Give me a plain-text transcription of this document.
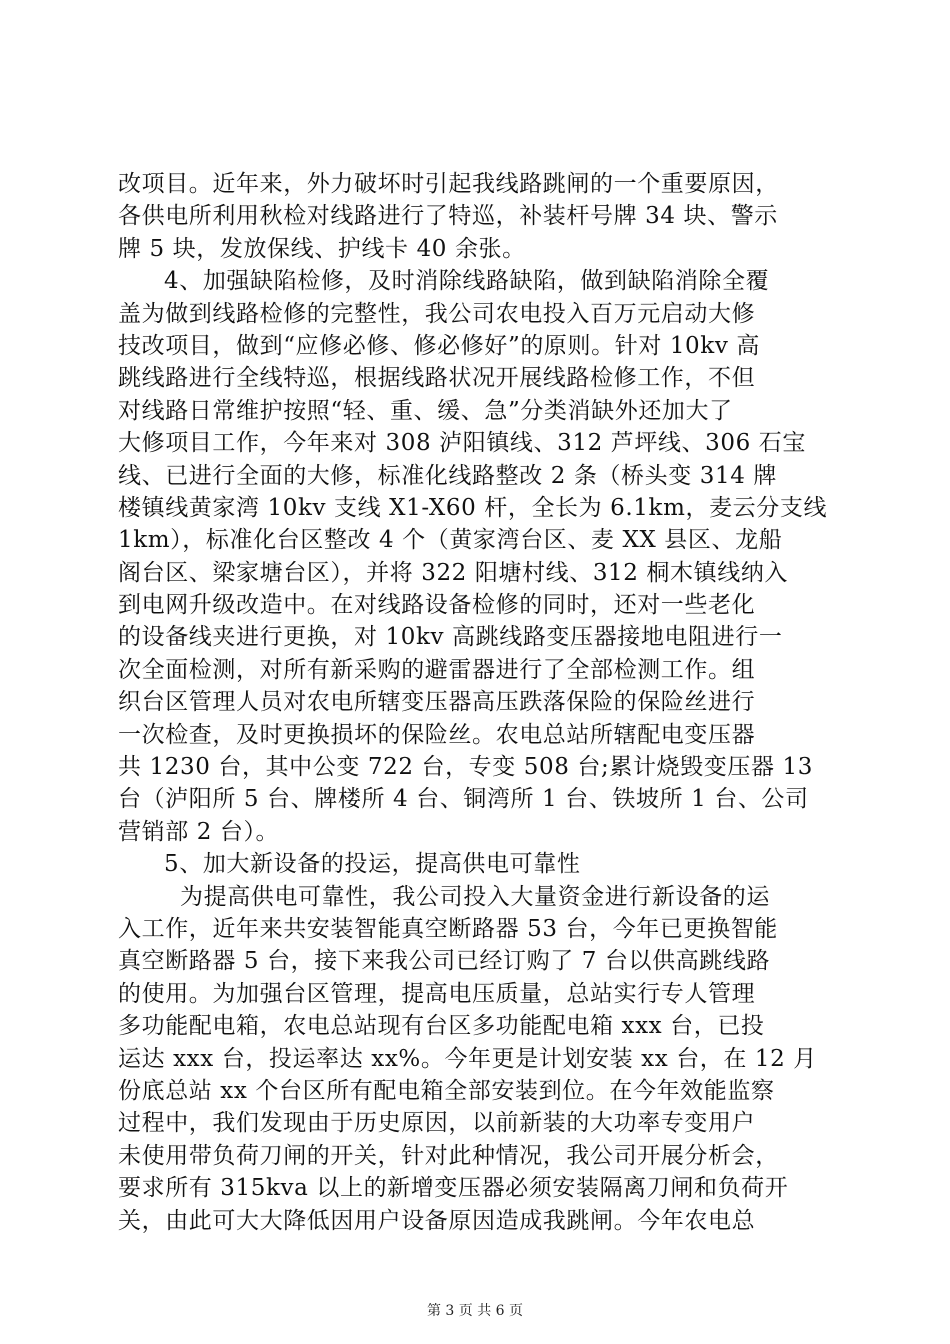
改项目。近年来，外力破坏时引起我线路跳闸的一个重要原因，
各供电所利用秋检对线路进行了特巡，补装杆号牌 34 块、警示
牌 5 块，发放保线、护线卡 40 余张。
4、加强缺陷检修，及时消除线路缺陷，做到缺陷消除全覆
盖为做到线路检修的完整性，我公司农电投入百万元启动大修
技改项目，做到“应修必修、修必修好”的原则。针对 10kv 高
跳线路进行全线特巡，根据线路状况开展线路检修工作，不但
对线路日常维护按照“轻、重、缓、急”分类消缺外还加大了
大修项目工作，今年来对 308 泸阳镇线、312 芦坪线、306 石宝
线、已进行全面的大修，标准化线路整改 2 条（桥头变 314 牌
楼镇线黄家湾 10kv 支线 X1-X60 杆，全长为 6.1km，麦云分支线
1km），标准化台区整改 4 个（黄家湾台区、麦 XX 县区、龙船
阁台区、梁家塘台区），并将 322 阳塘村线、312 桐木镇线纳入
到电网升级改造中。在对线路设备检修的同时，还对一些老化
的设备线夹进行更换，对 10kv 高跳线路变压器接地电阻进行一
次全面检测，对所有新采购的避雷器进行了全部检测工作。组
织台区管理人员对农电所辖变压器高压跌落保险的保险丝进行
一次检查，及时更换损坏的保险丝。农电总站所辖配电变压器
共 1230 台，其中公变 722 台，专变 508 台;累计烧毁变压器 13
台（泸阳所 5 台、牌楼所 4 台、铜湾所 1 台、铁坡所 1 台、公司
营销部 2 台）。
5、加大新设备的投运，提高供电可靠性
为提高供电可靠性，我公司投入大量资金进行新设备的运
入工作，近年来共安装智能真空断路器 53 台，今年已更换智能
真空断路器 5 台，接下来我公司已经订购了 7 台以供高跳线路
的使用。为加强台区管理，提高电压质量，总站实行专人管理
多功能配电箱，农电总站现有台区多功能配电箱 xxx 台，已投
运达 xxx 台，投运率达 xx%。今年更是计划安装 xx 台，在 12 月
份底总站 xx 个台区所有配电箱全部安装到位。在今年效能监察
过程中，我们发现由于历史原因，以前新装的大功率专变用户
未使用带负荷刀闸的开关，针对此种情况，我公司开展分析会，
要求所有 315kva 以上的新增变压器必须安装隔离刀闸和负荷开
关，由此可大大降低因用户设备原因造成我跳闸。今年农电总
第 3 页 共 6 页
